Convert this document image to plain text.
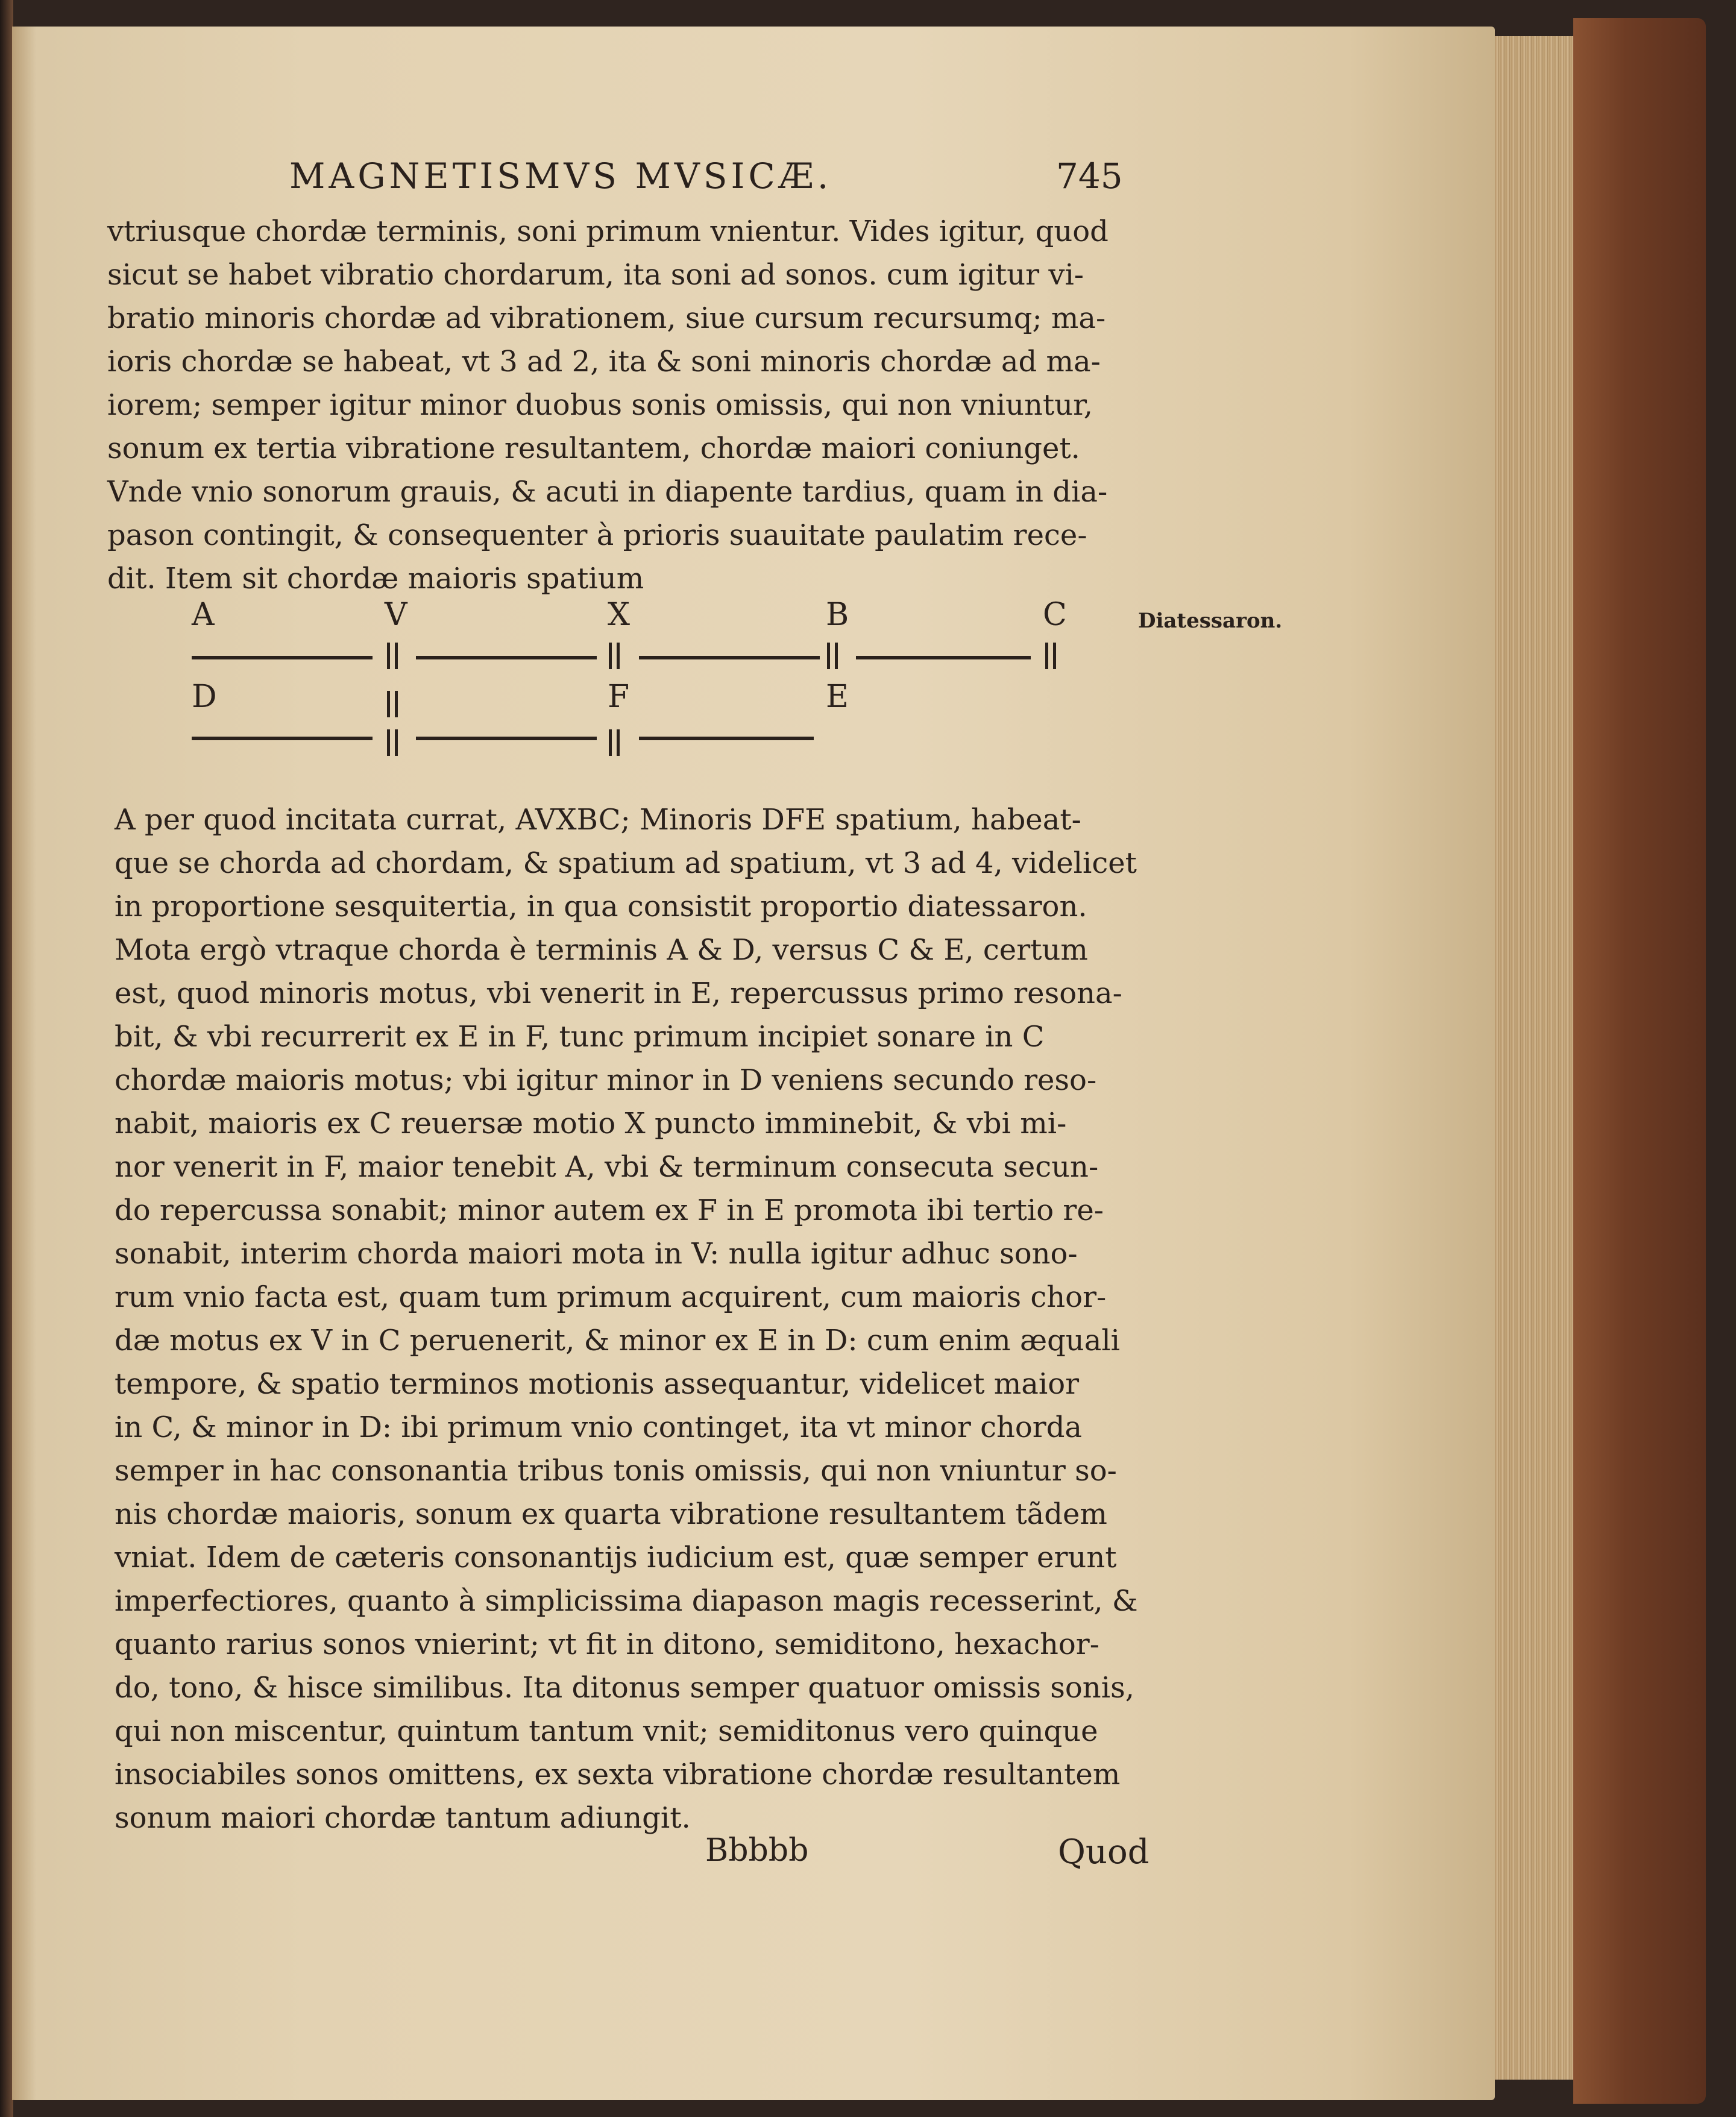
MAGNETISMVS MVSICÆ.	745
vtriusque chordæ terminis, soni primum vnientur. Vides igitur, quod
sicut se habet vibratio chordarum, ita soni ad sonos. cum igitur vi-
bratio minoris chordæ ad vibrationem, siue cursum recursumq; ma-
ioris chordæ se habeat, vt 3 ad 2, ita & soni minoris chordæ ad ma-
iorem; semper igitur minor duobus sonis omissis, qui non vniuntur,
sonum ex tertia vibratione resultantem, chordæ maiori coniunget.
Vnde vnio sonorum grauis, & acuti in diapente tardius, quam in dia-
pason contingit, & consequenter à prioris suauitate paulatim rece-
dit. Item sit chordæ maioris spatium
Diatessaron.
A	V	X	B	C
D	F	E
A per quod incitata currat, AVXBC; Minoris DFE spatium, habeat-
que se chorda ad chordam, & spatium ad spatium, vt 3 ad 4, videlicet
in proportione sesquitertia, in qua consistit proportio diatessaron.
Mota ergò vtraque chorda è terminis A & D, versus C & E, certum
est, quod minoris motus, vbi venerit in E, repercussus primo resona-
bit, & vbi recurrerit ex E in F, tunc primum incipiet sonare in C
chordæ maioris motus; vbi igitur minor in D veniens secundo reso-
nabit, maioris ex C reuersæ motio X puncto imminebit, & vbi mi-
nor venerit in F, maior tenebit A, vbi & terminum consecuta secun-
do repercussa sonabit; minor autem ex F in E promota ibi tertio re-
sonabit, interim chorda maiori mota in V: nulla igitur adhuc sono-
rum vnio facta est, quam tum primum acquirent, cum maioris chor-
dæ motus ex V in C peruenerit, & minor ex E in D: cum enim æquali
tempore, & spatio terminos motionis assequantur, videlicet maior
in C, & minor in D: ibi primum vnio continget, ita vt minor chorda
semper in hac consonantia tribus tonis omissis, qui non vniuntur so-
nis chordæ maioris, sonum ex quarta vibratione resultantem tãdem
vniat. Idem de cæteris consonantijs iudicium est, quæ semper erunt
imperfectiores, quanto à simplicissima diapason magis recesserint, &
quanto rarius sonos vnierint; vt fit in ditono, semiditono, hexachor-
do, tono, & hisce similibus. Ita ditonus semper quatuor omissis sonis,
qui non miscentur, quintum tantum vnit; semiditonus vero quinque
insociabiles sonos omittens, ex sexta vibratione chordæ resultantem
sonum maiori chordæ tantum adiungit.
Bbbbb	Quod
